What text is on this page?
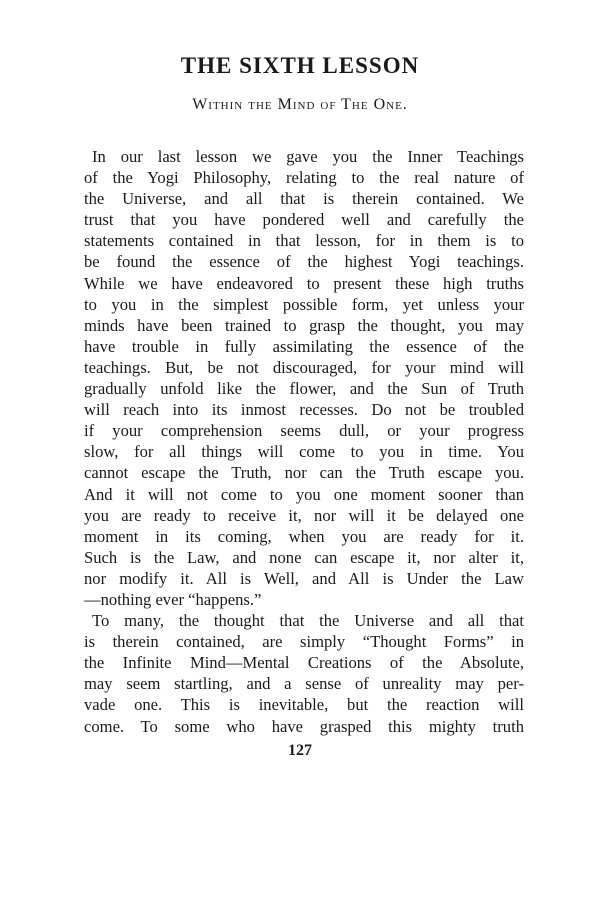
THE SIXTH LESSON
Within the Mind of The One.
In our last lesson we gave you the Inner Teachings
of the Yogi Philosophy, relating to the real nature of
the Universe, and all that is therein contained. We
trust that you have pondered well and carefully the
statements contained in that lesson, for in them is to
be found the essence of the highest Yogi teachings.
While we have endeavored to present these high truths
to you in the simplest possible form, yet unless your
minds have been trained to grasp the thought, you may
have trouble in fully assimilating the essence of the
teachings. But, be not discouraged, for your mind will
gradually unfold like the flower, and the Sun of Truth
will reach into its inmost recesses. Do not be troubled
if your comprehension seems dull, or your progress
slow, for all things will come to you in time. You
cannot escape the Truth, nor can the Truth escape you.
And it will not come to you one moment sooner than
you are ready to receive it, nor will it be delayed one
moment in its coming, when you are ready for it.
Such is the Law, and none can escape it, nor alter it,
nor modify it. All is Well, and All is Under the Law
—nothing ever “happens.”
To many, the thought that the Universe and all that
is therein contained, are simply “Thought Forms” in
the Infinite Mind—Mental Creations of the Absolute,
may seem startling, and a sense of unreality may per-
vade one. This is inevitable, but the reaction will
come. To some who have grasped this mighty truth
127
